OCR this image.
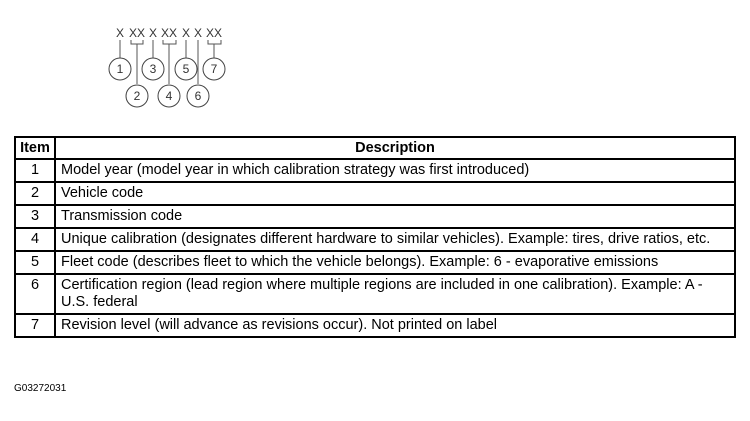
X XX X XX X X XX
1
2
3
4
5
6
7
Item	Description
1	Model year (model year in which calibration strategy was first introduced)
2	Vehicle code
3	Transmission code
4	Unique calibration (designates different hardware to similar vehicles). Example: tires, drive ratios, etc.
5	Fleet code (describes fleet to which the vehicle belongs). Example: 6 - evaporative emissions
6	Certification region (lead region where multiple regions are included in one calibration). Example: A - U.S. federal
7	Revision level (will advance as revisions occur). Not printed on label
G03272031
